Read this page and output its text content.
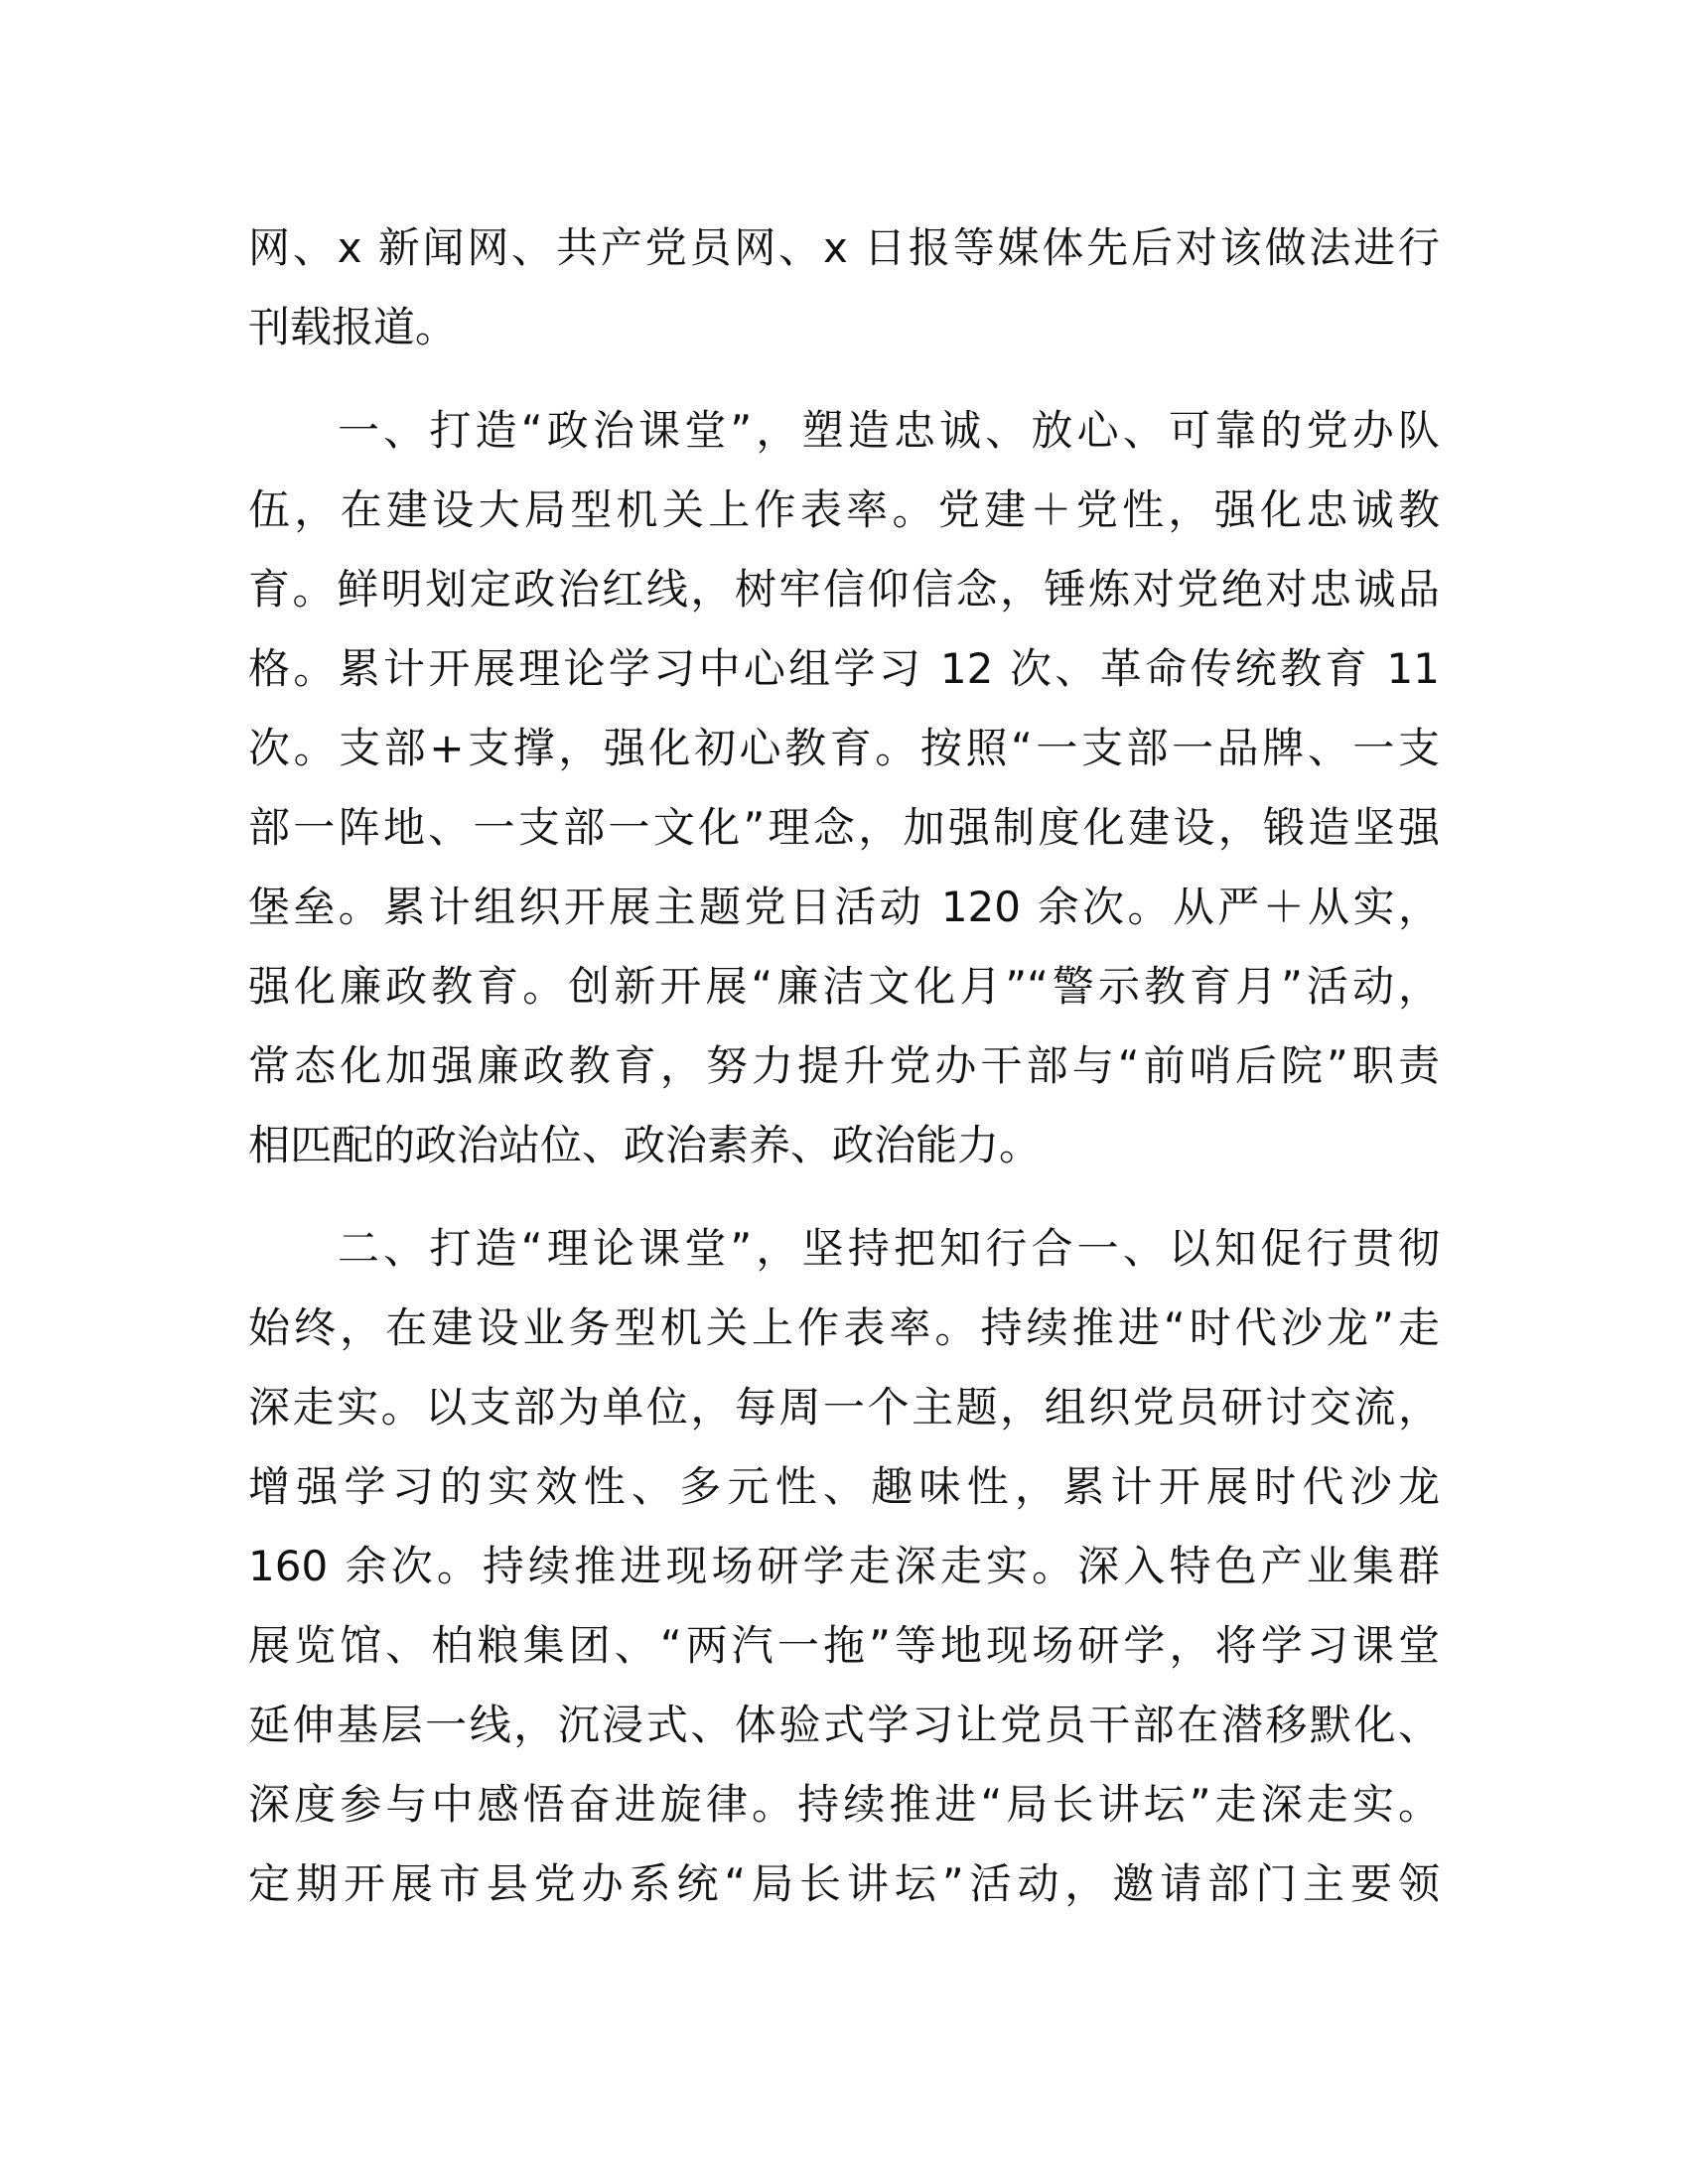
网、x 新闻网、共产党员网、x 日报等媒体先后对该做法进行
刊载报道。
一、打造“政治课堂”，塑造忠诚、放心、可靠的党办队
伍，在建设大局型机关上作表率。党建＋党性，强化忠诚教
育。鲜明划定政治红线，树牢信仰信念，锤炼对党绝对忠诚品
格。累计开展理论学习中心组学习 12 次、革命传统教育 11
次。支部+支撑，强化初心教育。按照“一支部一品牌、一支
部一阵地、一支部一文化”理念，加强制度化建设，锻造坚强
堡垒。累计组织开展主题党日活动 120 余次。从严＋从实，
强化廉政教育。创新开展“廉洁文化月”“警示教育月”活动，
常态化加强廉政教育，努力提升党办干部与“前哨后院”职责
相匹配的政治站位、政治素养、政治能力。
二、打造“理论课堂”，坚持把知行合一、以知促行贯彻
始终，在建设业务型机关上作表率。持续推进“时代沙龙”走
深走实。以支部为单位，每周一个主题，组织党员研讨交流，
增强学习的实效性、多元性、趣味性，累计开展时代沙龙
160 余次。持续推进现场研学走深走实。深入特色产业集群
展览馆、柏粮集团、“两汽一拖”等地现场研学，将学习课堂
延伸基层一线，沉浸式、体验式学习让党员干部在潜移默化、
深度参与中感悟奋进旋律。持续推进“局长讲坛”走深走实。
定期开展市县党办系统“局长讲坛”活动，邀请部门主要领
